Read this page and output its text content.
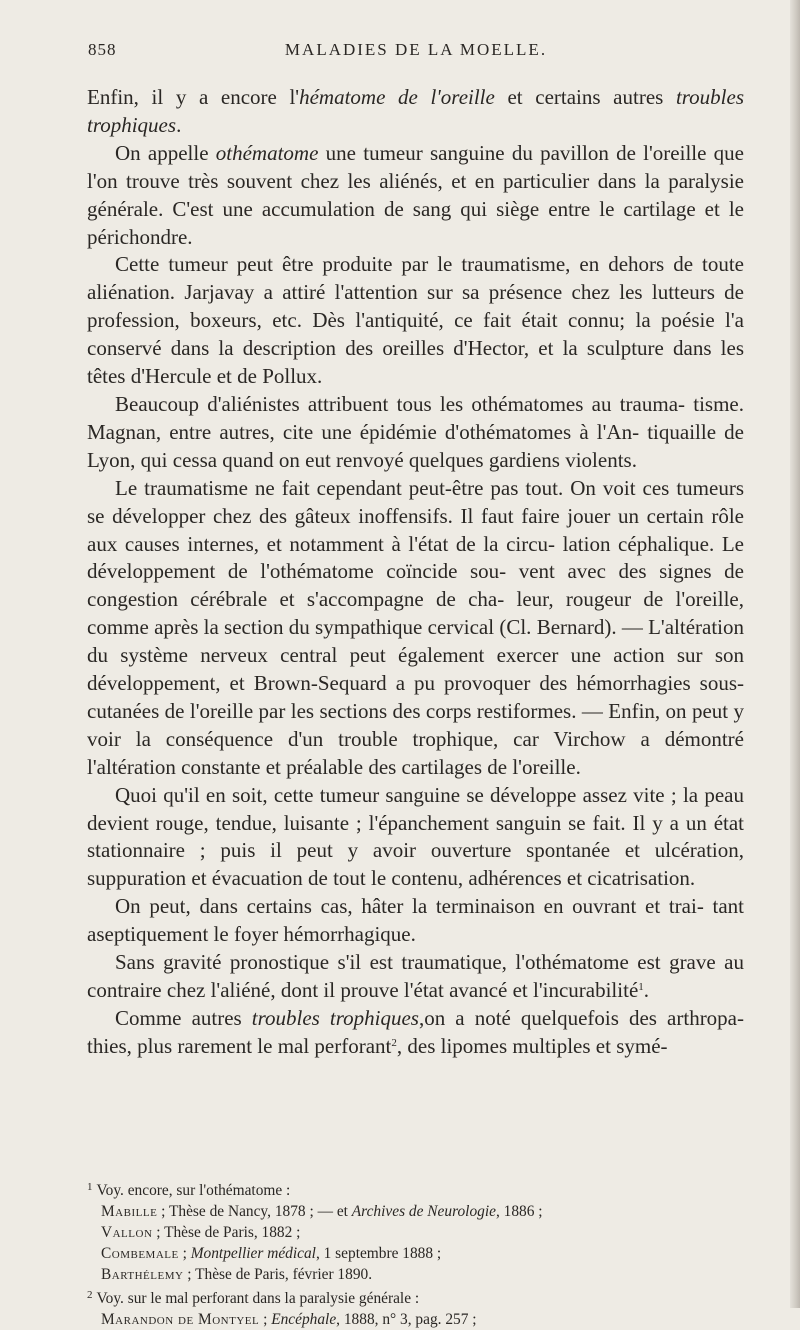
858	MALADIES DE LA MOELLE.

Enfin, il y a encore l'hématome de l'oreille et certains autres troubles trophiques.

On appelle othématome une tumeur sanguine du pavillon de l'oreille que l'on trouve très souvent chez les aliénés, et en particulier dans la paralysie générale. C'est une accumulation de sang qui siège entre le cartilage et le périchondre.

Cette tumeur peut être produite par le traumatisme, en dehors de toute aliénation. Jarjavay a attiré l'attention sur sa présence chez les lutteurs de profession, boxeurs, etc. Dès l'antiquité, ce fait était connu; la poésie l'a conservé dans la description des oreilles d'Hector, et la sculpture dans les têtes d'Hercule et de Pollux.

Beaucoup d'aliénistes attribuent tous les othématomes au trauma- tisme. Magnan, entre autres, cite une épidémie d'othématomes à l'An- tiquaille de Lyon, qui cessa quand on eut renvoyé quelques gardiens violents.

Le traumatisme ne fait cependant peut-être pas tout. On voit ces tumeurs se développer chez des gâteux inoffensifs. Il faut faire jouer un certain rôle aux causes internes, et notamment à l'état de la circu- lation céphalique. Le développement de l'othématome coïncide sou- vent avec des signes de congestion cérébrale et s'accompagne de cha- leur, rougeur de l'oreille, comme après la section du sympathique cervical (Cl. Bernard). — L'altération du système nerveux central peut également exercer une action sur son développement, et Brown-Sequard a pu provoquer des hémorrhagies sous-cutanées de l'oreille par les sections des corps restiformes. — Enfin, on peut y voir la conséquence d'un trouble trophique, car Virchow a démontré l'altération constante et préalable des cartilages de l'oreille.

Quoi qu'il en soit, cette tumeur sanguine se développe assez vite ; la peau devient rouge, tendue, luisante ; l'épanchement sanguin se fait. Il y a un état stationnaire ; puis il peut y avoir ouverture spontanée et ulcération, suppuration et évacuation de tout le contenu, adhérences et cicatrisation.

On peut, dans certains cas, hâter la terminaison en ouvrant et trai- tant aseptiquement le foyer hémorrhagique.

Sans gravité pronostique s'il est traumatique, l'othématome est grave au contraire chez l'aliéné, dont il prouve l'état avancé et l'incurabilité$^1$.

Comme autres troubles trophiques,on a noté quelquefois des arthropa- thies, plus rarement le mal perforant$^2$, des lipomes multiples et symé-

$^1$ Voy. encore, sur l'othématome :

Mabille ; Thèse de Nancy, 1878 ; — et Archives de Neurologie, 1886 ;

Vallon ; Thèse de Paris, 1882 ;

Combemale ; Montpellier médical, 1 septembre 1888 ;

Barthélemy ; Thèse de Paris, février 1890.

$^2$ Voy. sur le mal perforant dans la paralysie générale :

Marandon de Montyel ; Encéphale, 1888, n° 3, pag. 257 ;
